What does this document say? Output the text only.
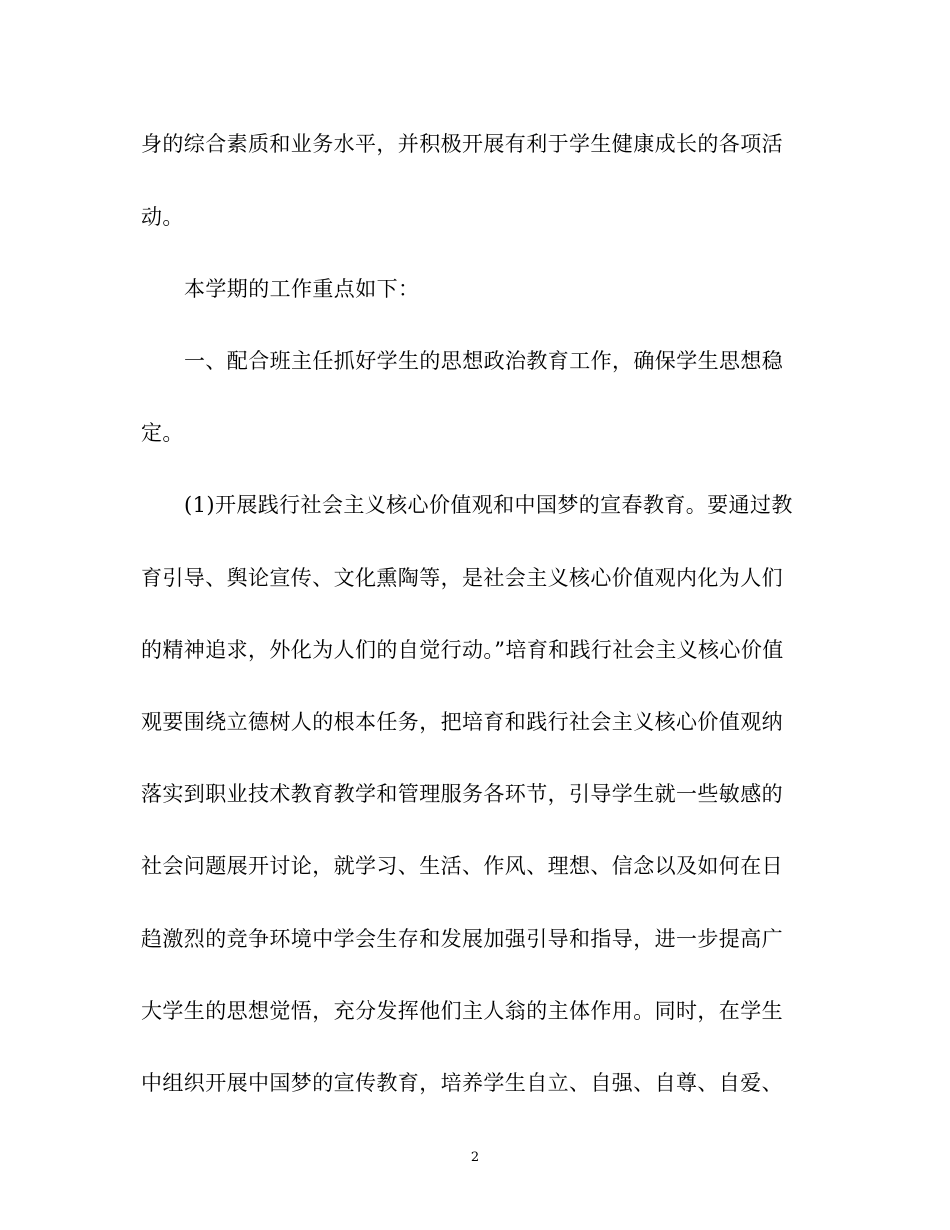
身的综合素质和业务水平，并积极开展有利于学生健康成长的各项活
动。
本学期的工作重点如下：
一、配合班主任抓好学生的思想政治教育工作，确保学生思想稳
定。
(1)开展践行社会主义核心价值观和中国梦的宣春教育。要通过教
育引导、舆论宣传、文化熏陶等，是社会主义核心价值观内化为人们
的精神追求，外化为人们的自觉行动。”培育和践行社会主义核心价值
观要围绕立德树人的根本任务，把培育和践行社会主义核心价值观纳
落实到职业技术教育教学和管理服务各环节，引导学生就一些敏感的
社会问题展开讨论，就学习、生活、作风、理想、信念以及如何在日
趋激烈的竞争环境中学会生存和发展加强引导和指导，进一步提高广
大学生的思想觉悟，充分发挥他们主人翁的主体作用。同时，在学生
中组织开展中国梦的宣传教育，培养学生自立、自强、自尊、自爱、
2
